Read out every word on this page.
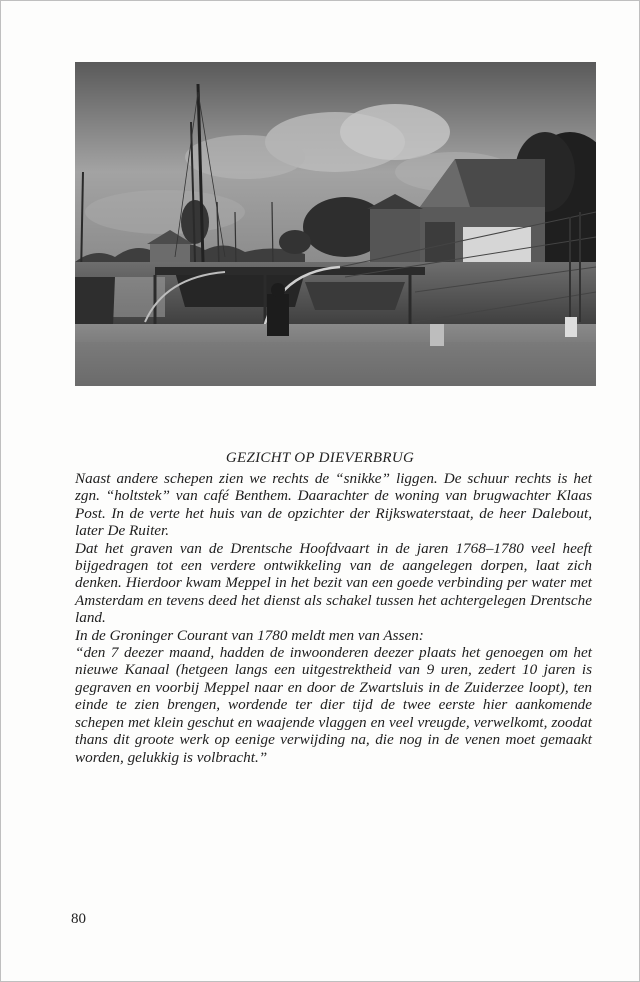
GEZICHT OP DIEVERBRUG

Naast andere schepen zien we rechts de “snikke” liggen. De schuur rechts is het zgn. “holtstek” van café Benthem. Daarachter de woning van brugwachter Klaas Post. In de verte het huis van de opzichter der Rijkswaterstaat, de heer Dalebout, later De Ruiter.

Dat het graven van de Drentsche Hoofdvaart in de jaren 1768–1780 veel heeft bijgedragen tot een verdere ontwikkeling van de aangelegen dorpen, laat zich denken. Hierdoor kwam Meppel in het bezit van een goede verbinding per water met Amsterdam en tevens deed het dienst als schakel tussen het achtergelegen Drentsche land.

In de Groninger Courant van 1780 meldt men van Assen:

“den 7 deezer maand, hadden de inwoonderen deezer plaats het genoegen om het nieuwe Kanaal (hetgeen langs een uitgestrektheid van 9 uren, zedert 10 jaren is gegraven en voorbij Meppel naar en door de Zwartsluis in de Zuiderzee loopt), ten einde te zien brengen, wordende ter dier tijd de twee eerste hier aankomende schepen met klein geschut en waajende vlaggen en veel vreugde, verwelkomt, zoodat thans dit groote werk op eenige verwijding na, die nog in de venen moet gemaakt worden, gelukkig is volbracht.”

80
